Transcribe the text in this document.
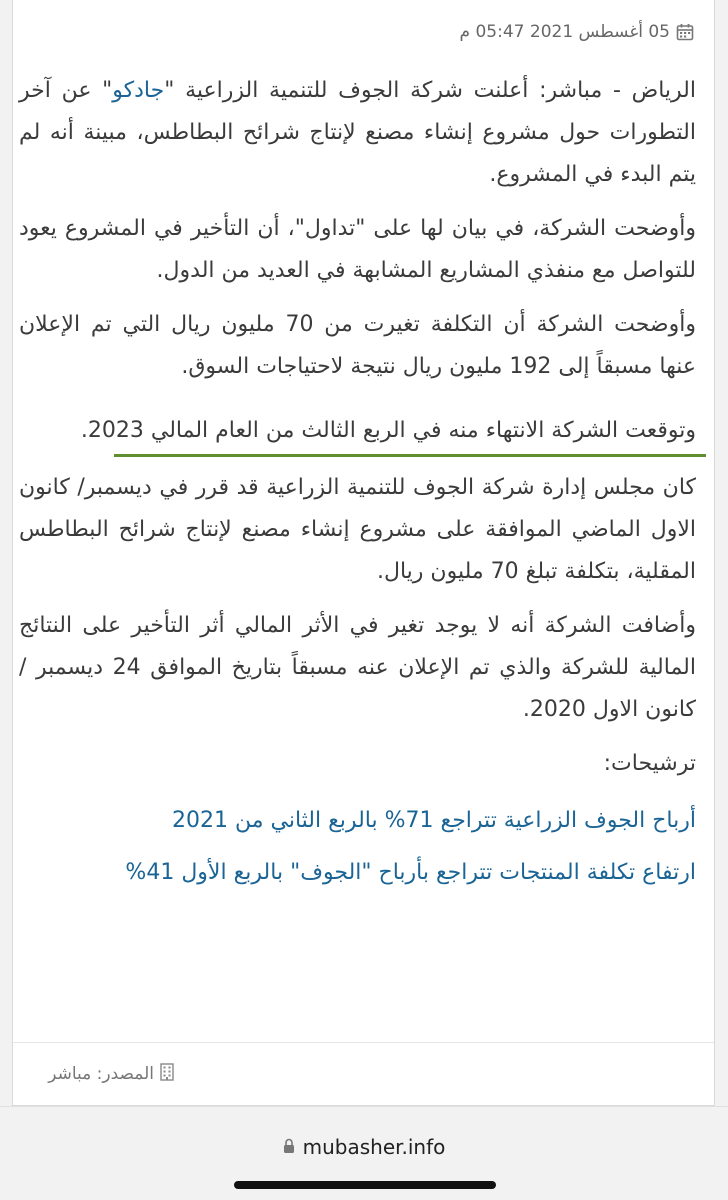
05 أغسطس 2021 05:47 م

الرياض - مباشر: أعلنت شركة الجوف للتنمية الزراعية "جادكو" عن آخر التطورات حول مشروع إنشاء مصنع لإنتاج شرائح البطاطس، مبينة أنه لم يتم البدء في المشروع.

وأوضحت الشركة، في بيان لها على "تداول"، أن التأخير في المشروع يعود للتواصل مع منفذي المشاريع المشابهة في العديد من الدول.

وأوضحت الشركة أن التكلفة تغيرت من 70 مليون ريال التي تم الإعلان عنها مسبقاً إلى 192 مليون ريال نتيجة لاحتياجات السوق.

وتوقعت الشركة الانتهاء منه في الربع الثالث من العام المالي 2023.

كان مجلس إدارة شركة الجوف للتنمية الزراعية قد قرر في ديسمبر/ كانون الاول الماضي الموافقة على مشروع إنشاء مصنع لإنتاج شرائح البطاطس المقلية، بتكلفة تبلغ 70 مليون ريال.

وأضافت الشركة أنه لا يوجد تغير في الأثر المالي أثر التأخير على النتائج المالية للشركة والذي تم الإعلان عنه مسبقاً بتاريخ الموافق 24 ديسمبر / كانون الاول 2020.

ترشيحات:

أرباح الجوف الزراعية تتراجع 71% بالربع الثاني من 2021
ارتفاع تكلفة المنتجات تتراجع بأرباح "الجوف" بالربع الأول 41%
المصدر: مباشر
mubasher.info
